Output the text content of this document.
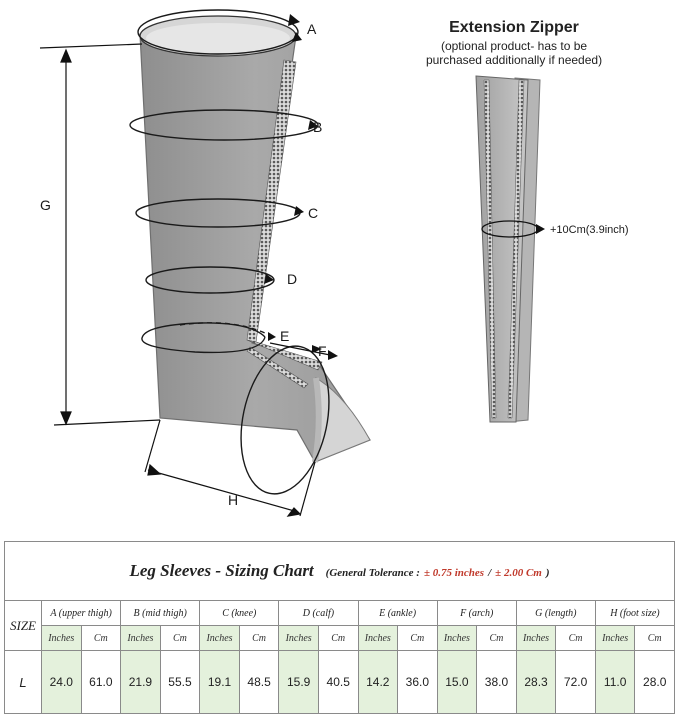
A
B
C
D
E
F
G
H
Extension Zipper
(optional product- has to be
purchased additionally if needed)
+10Cm(3.9inch)
Leg Sleeves - Sizing Chart (General Tolerance : ± 0.75 inches / ± 2.00 Cm )																
SIZE	A (upper thigh)		B (mid thigh)		C (knee)		D (calf)		E (ankle)		F (arch)		G (length)		H (foot size)	
	Inches	Cm	Inches	Cm	Inches	Cm	Inches	Cm	Inches	Cm	Inches	Cm	Inches	Cm	Inches	Cm
L	24.0	61.0	21.9	55.5	19.1	48.5	15.9	40.5	14.2	36.0	15.0	38.0	28.3	72.0	11.0	28.0
